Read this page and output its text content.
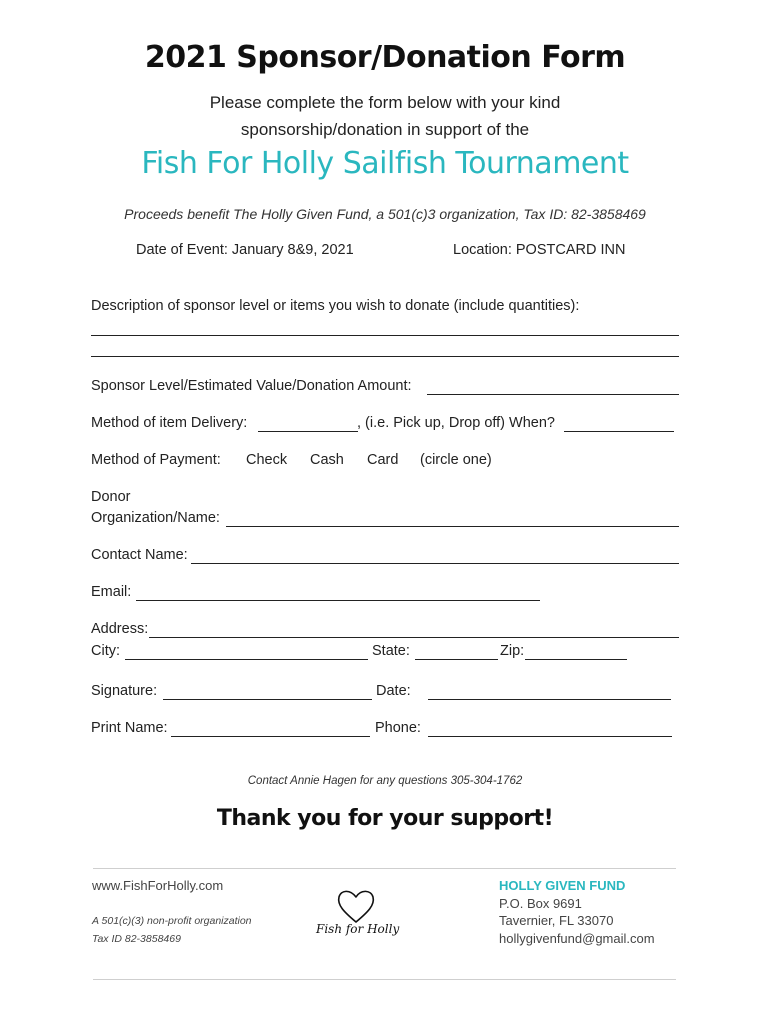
2021 Sponsor/Donation Form
Please complete the form below with your kind
sponsorship/donation in support of the
Fish For Holly Sailfish Tournament
Proceeds benefit The Holly Given Fund, a 501(c)3 organization, Tax ID: 82-3858469
Date of Event: January 8&9, 2021	Location: POSTCARD INN
Description of sponsor level or items you wish to donate (include quantities):
Sponsor Level/Estimated Value/Donation Amount:
Method of item Delivery:	, (i.e. Pick up, Drop off) When?
Method of Payment: Check Cash Card (circle one)
Donor
Organization/Name:
Contact Name:
Email:
Address:
City:	State:	Zip:
Signature:	Date:
Print Name:	Phone:
Contact Annie Hagen for any questions 305-304-1762
Thank you for your support!
www.FishForHolly.com
A 501(c)(3) non-profit organization
Tax ID 82-3858469
Fish for Holly
HOLLY GIVEN FUND
P.O. Box 9691
Tavernier, FL 33070
hollygivenfund@gmail.com
